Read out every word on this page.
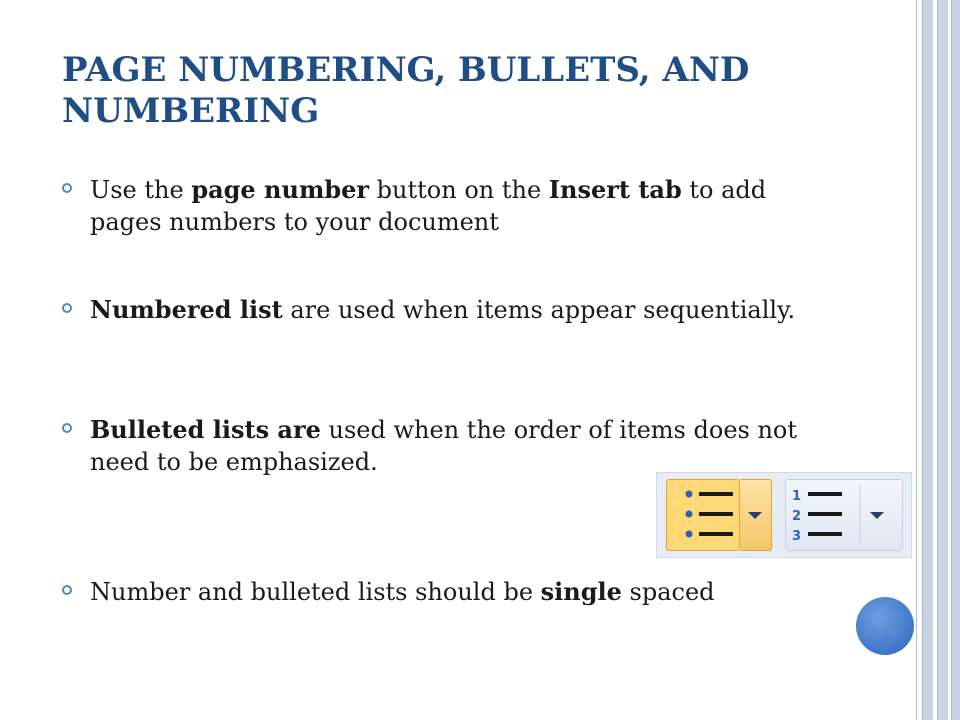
PAGE NUMBERING, BULLETS, AND NUMBERING
Use the page number button on the Insert tab to add pages numbers to your document
Numbered list are used when items appear sequentially.
Bulleted lists are used when the order of items does not need to be emphasized.
Number and bulleted lists should be single spaced
1
2
3
